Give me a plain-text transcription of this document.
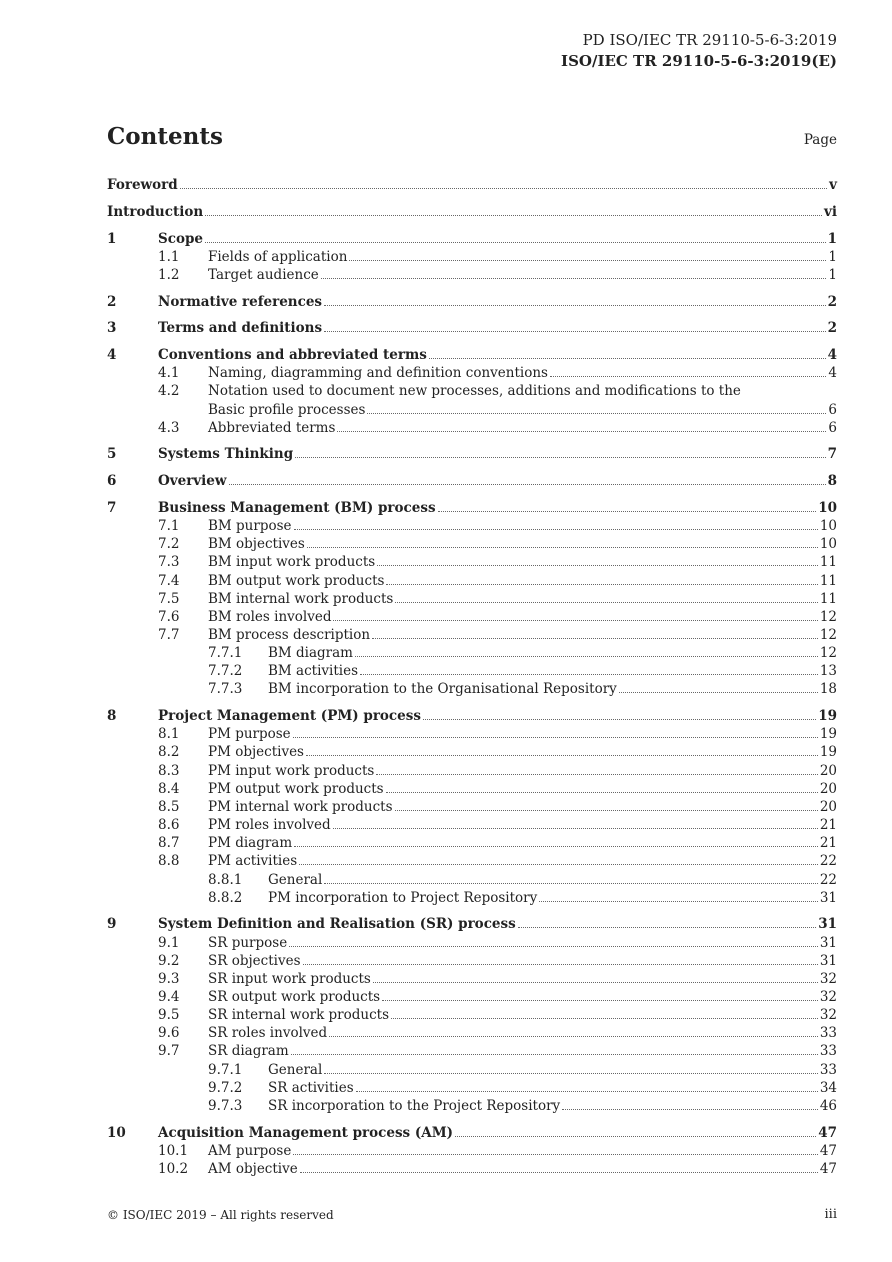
PD ISO/IEC TR 29110-5-6-3:2019
ISO/IEC TR 29110-5-6-3:2019(E)
Contents	Page
Foreword	v
Introduction	vi
1	Scope	1
1.1 Fields of application	1
1.2 Target audience	1
2	Normative references	2
3	Terms and definitions	2
4	Conventions and abbreviated terms	4
4.1 Naming, diagramming and definition conventions	4
4.2 Notation used to document new processes, additions and modifications to the
Basic profile processes	6
4.3 Abbreviated terms	6
5	Systems Thinking	7
6	Overview	8
7	Business Management (BM) process	10
7.1 BM purpose	10
7.2 BM objectives	10
7.3 BM input work products	11
7.4 BM output work products	11
7.5 BM internal work products	11
7.6 BM roles involved	12
7.7 BM process description	12
7.7.1 BM diagram	12
7.7.2 BM activities	13
7.7.3 BM incorporation to the Organisational Repository	18
8	Project Management (PM) process	19
8.1 PM purpose	19
8.2 PM objectives	19
8.3 PM input work products	20
8.4 PM output work products	20
8.5 PM internal work products	20
8.6 PM roles involved	21
8.7 PM diagram	21
8.8 PM activities	22
8.8.1 General	22
8.8.2 PM incorporation to Project Repository	31
9	System Definition and Realisation (SR) process	31
9.1 SR purpose	31
9.2 SR objectives	31
9.3 SR input work products	32
9.4 SR output work products	32
9.5 SR internal work products	32
9.6 SR roles involved	33
9.7 SR diagram	33
9.7.1 General	33
9.7.2 SR activities	34
9.7.3 SR incorporation to the Project Repository	46
10 Acquisition Management process (AM)	47
10.1 AM purpose	47
10.2 AM objective	47
© ISO/IEC 2019 – All rights reserved	iii
